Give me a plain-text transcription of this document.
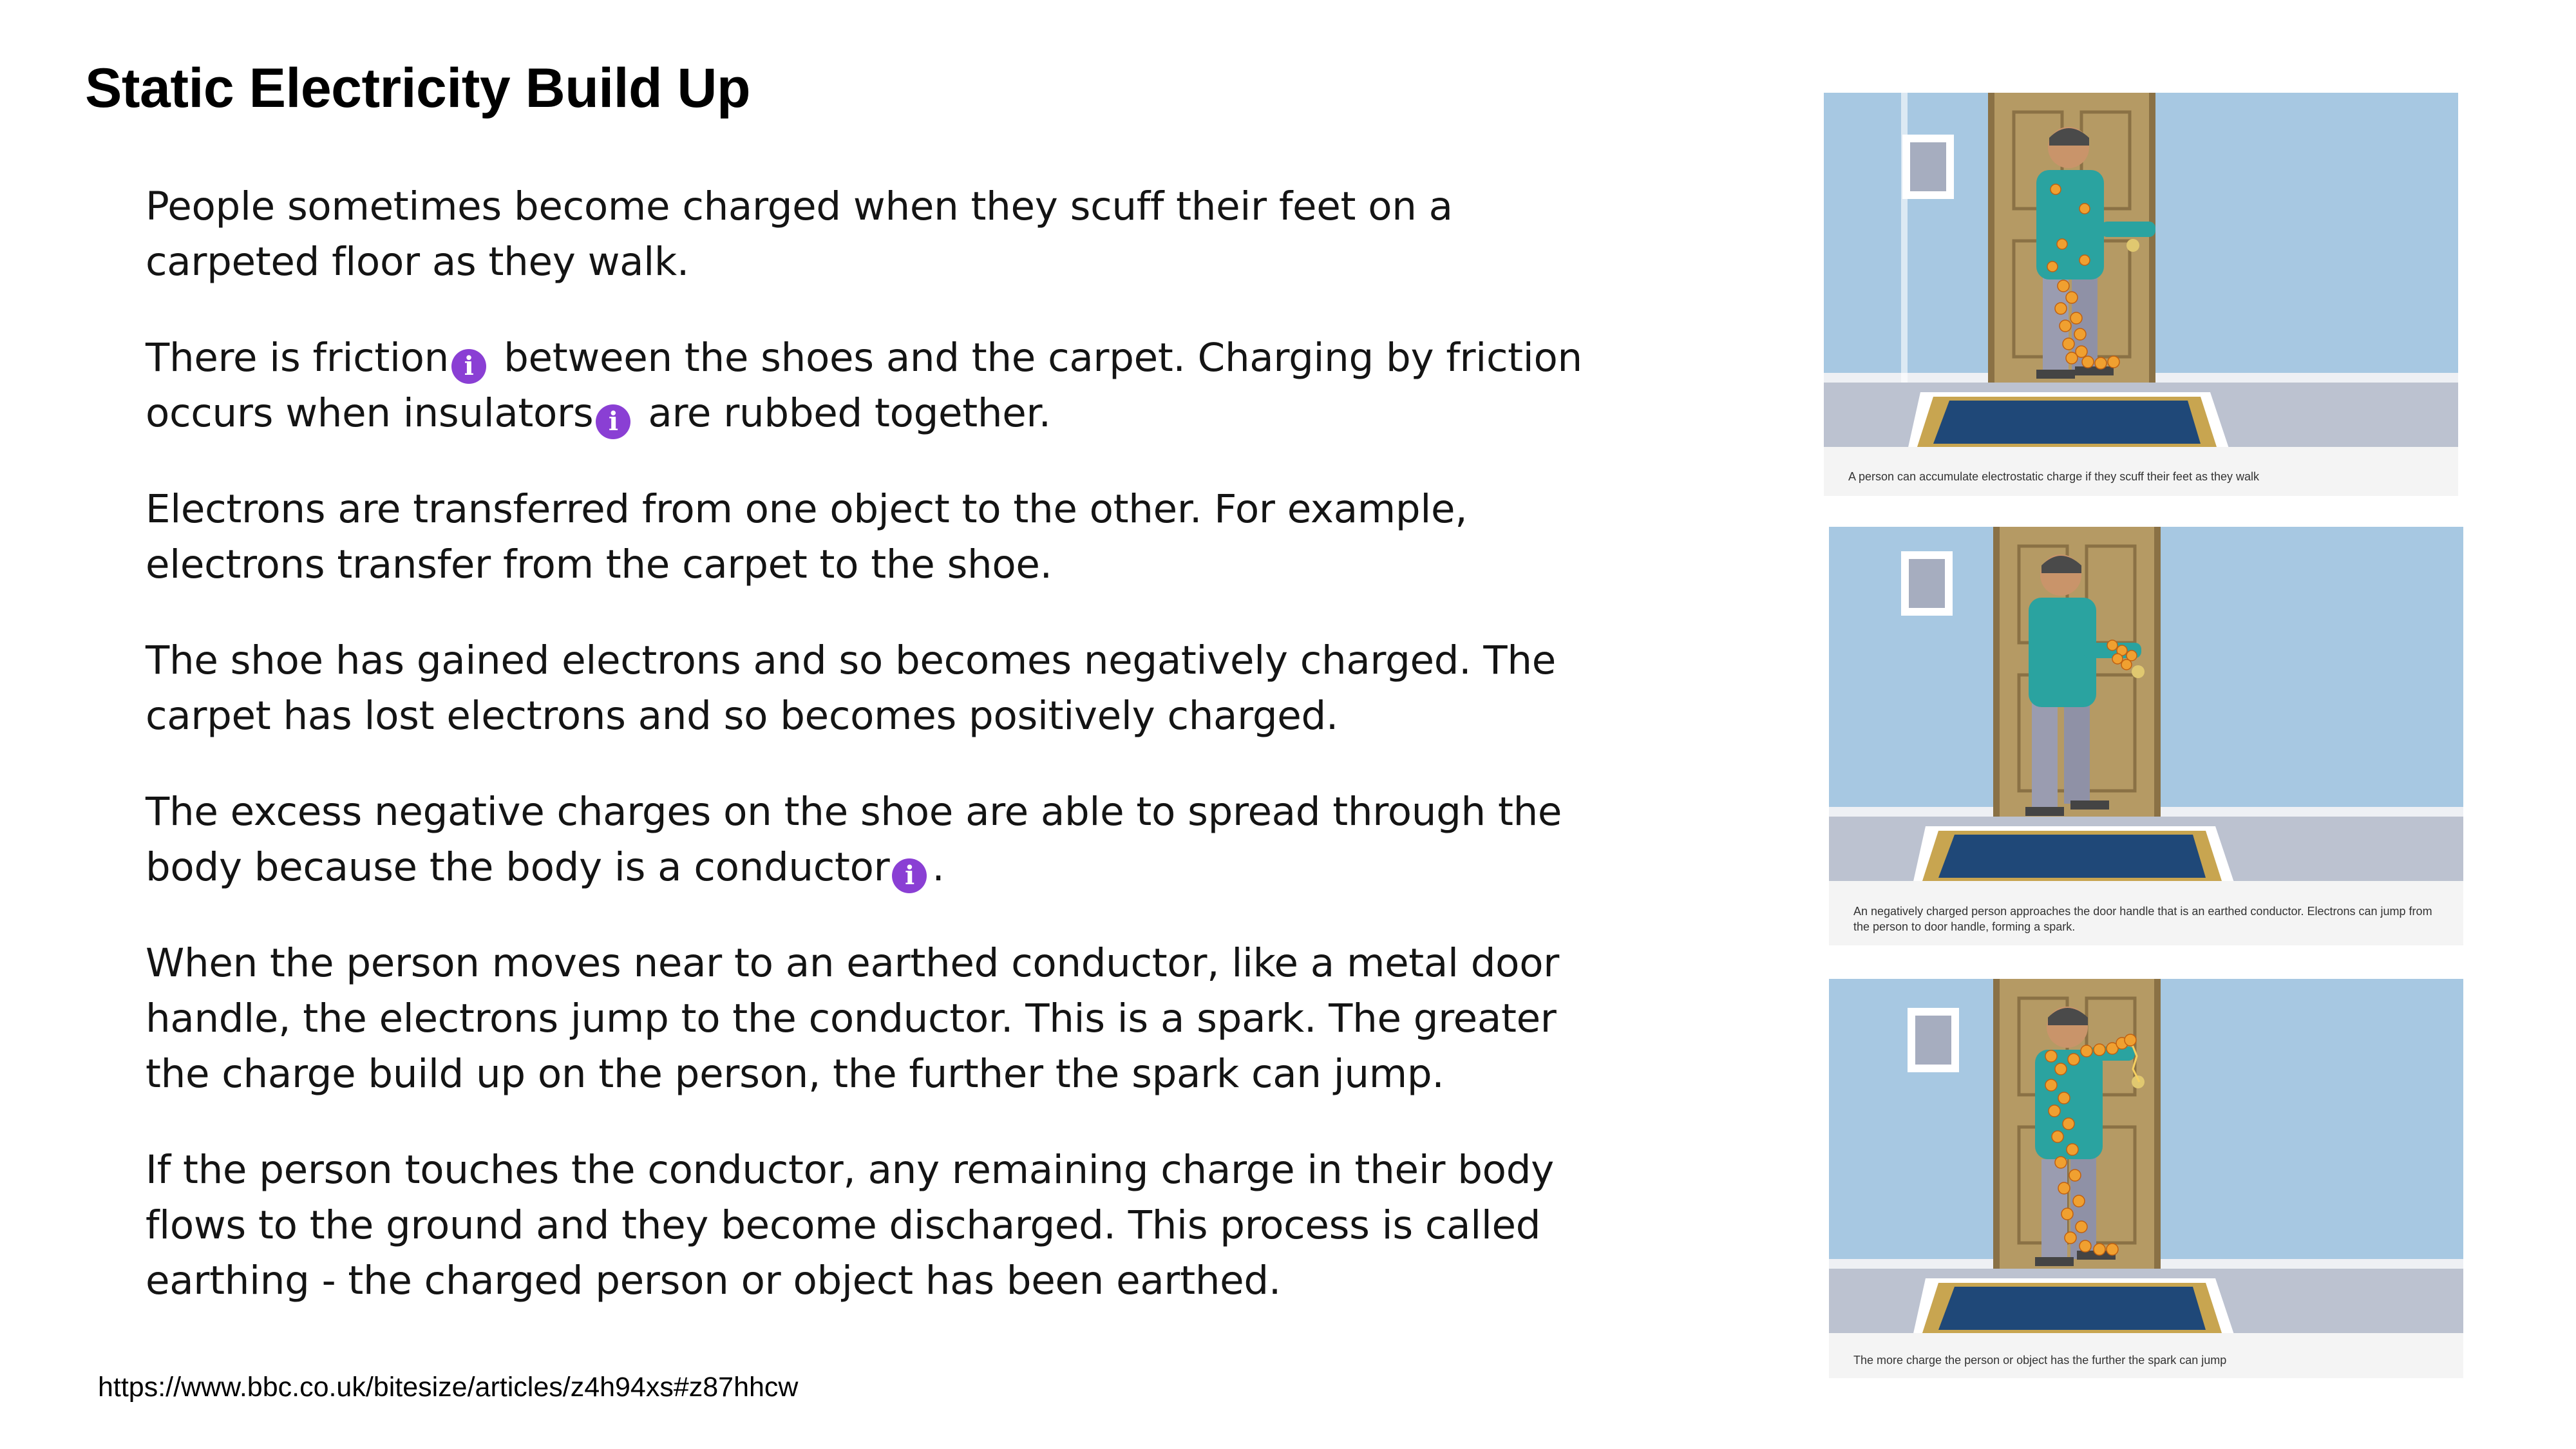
Static Electricity Build Up

People sometimes become charged when they scuff their feet on a carpeted floor as they walk.

There is friction i between the shoes and the carpet. Charging by friction occurs when insulators i are rubbed together.

Electrons are transferred from one object to the other. For example, electrons transfer from the carpet to the shoe.

The shoe has gained electrons and so becomes negatively charged. The carpet has lost electrons and so becomes positively charged.

The excess negative charges on the shoe are able to spread through the body because the body is a conductor i .

When the person moves near to an earthed conductor, like a metal door handle, the electrons jump to the conductor. This is a spark. The greater the charge build up on the person, the further the spark can jump.

If the person touches the conductor, any remaining charge in their body flows to the ground and they become discharged. This process is called earthing - the charged person or object has been earthed.

https://www.bbc.co.uk/bitesize/articles/z4h94xs#z87hhcw
A person can accumulate electrostatic charge if they scuff their feet as they walk
An negatively charged person approaches the door handle that is an earthed conductor. Electrons can jump from the person to door handle, forming a spark.
The more charge the person or object has the further the spark can jump
